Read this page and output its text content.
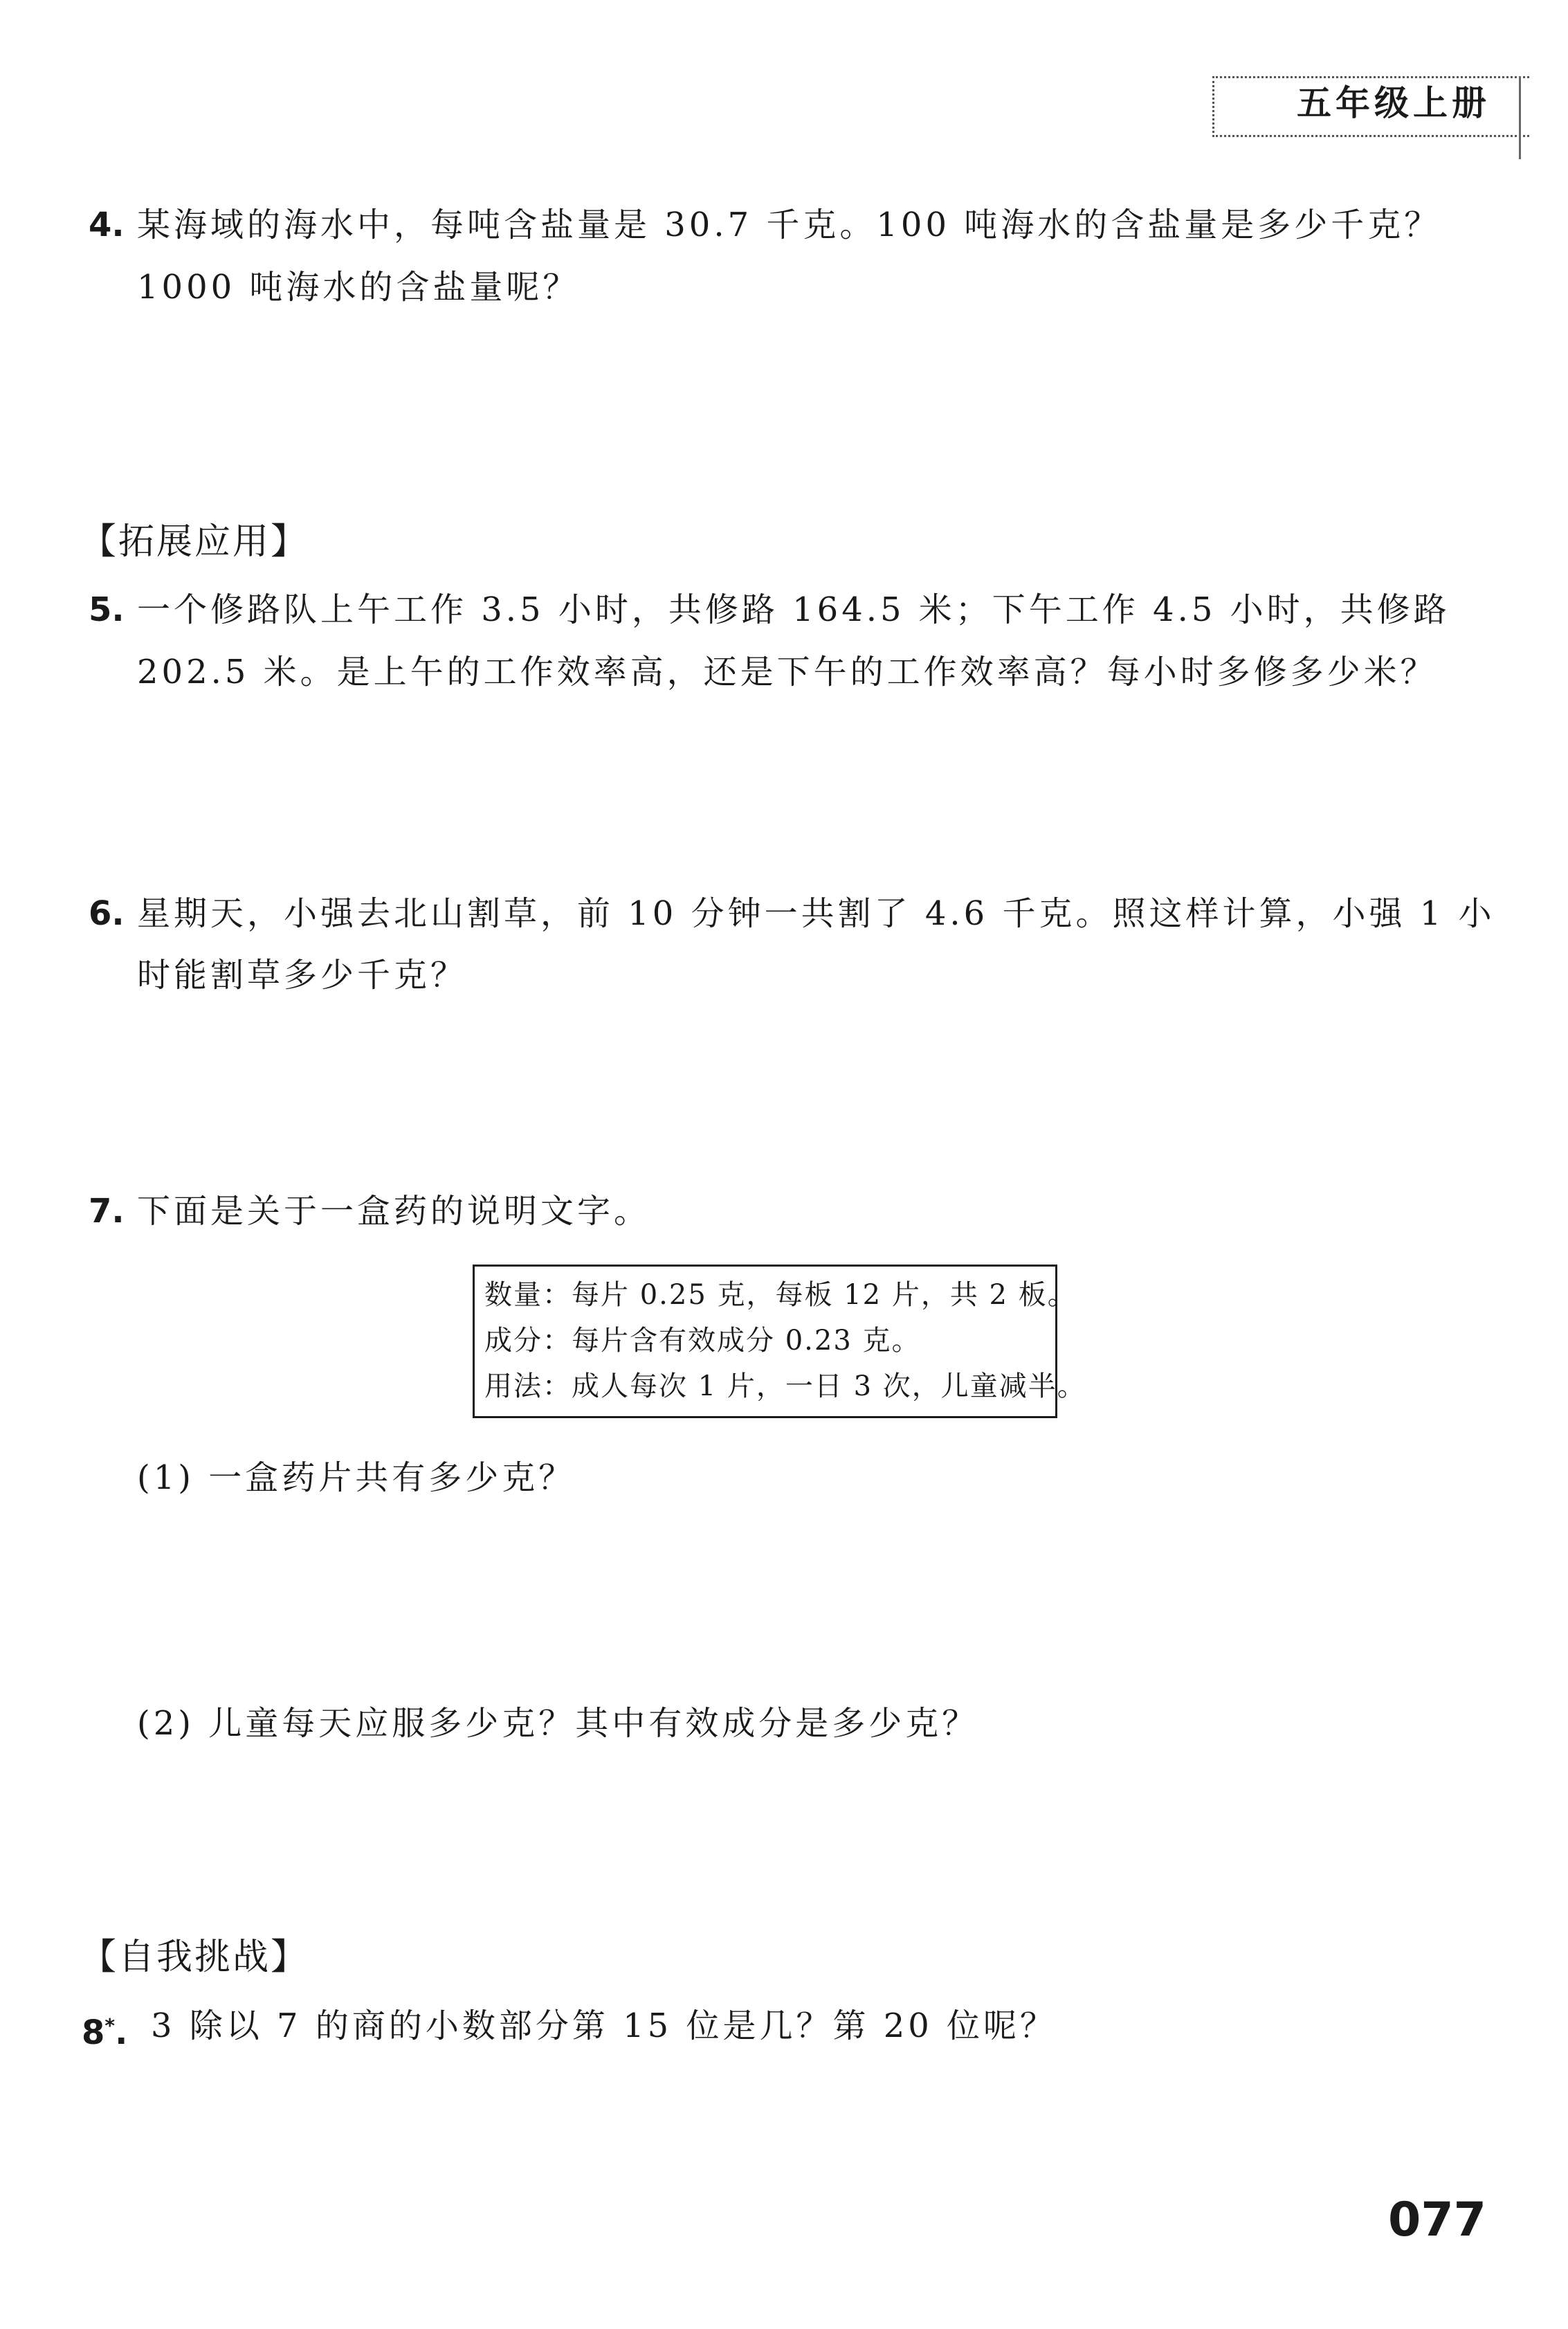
五年级上册
4. 某海域的海水中，每吨含盐量是 30.7 千克。100 吨海水的含盐量是多少千克？
1000 吨海水的含盐量呢？
【拓展应用】
5. 一个修路队上午工作 3.5 小时，共修路 164.5 米；下午工作 4.5 小时，共修路
202.5 米。是上午的工作效率高，还是下午的工作效率高？每小时多修多少米？
6. 星期天，小强去北山割草，前 10 分钟一共割了 4.6 千克。照这样计算，小强 1 小
时能割草多少千克？
7. 下面是关于一盒药的说明文字。
数量：每片 0.25 克，每板 12 片，共 2 板。
成分：每片含有效成分 0.23 克。
用法：成人每次 1 片，一日 3 次，儿童减半。
(1) 一盒药片共有多少克？
(2) 儿童每天应服多少克？其中有效成分是多少克？
【自我挑战】
8*. 3 除以 7 的商的小数部分第 15 位是几？第 20 位呢？
077
